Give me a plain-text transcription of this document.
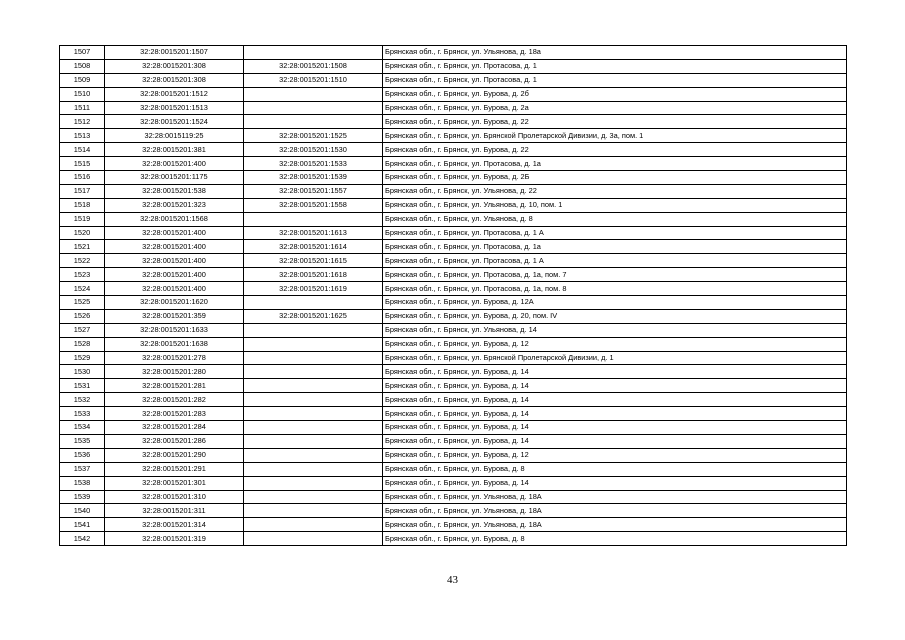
1507	32:28:0015201:1507		Брянская обл., г. Брянск, ул. Ульянова, д. 18а
1508	32:28:0015201:308	32:28:0015201:1508	Брянская обл., г. Брянск, ул. Протасова, д. 1
1509	32:28:0015201:308	32:28:0015201:1510	Брянская обл., г. Брянск, ул. Протасова, д. 1
1510	32:28:0015201:1512		Брянская обл., г. Брянск, ул. Бурова, д. 2б
1511	32:28:0015201:1513		Брянская обл., г. Брянск, ул. Бурова, д. 2а
1512	32:28:0015201:1524		Брянская обл., г. Брянск, ул. Бурова, д. 22
1513	32:28:0015119:25	32:28:0015201:1525	Брянская обл., г. Брянск, ул. Брянской Пролетарской Дивизии, д. 3а, пом. 1
1514	32:28:0015201:381	32:28:0015201:1530	Брянская обл., г. Брянск, ул. Бурова, д. 22
1515	32:28:0015201:400	32:28:0015201:1533	Брянская обл., г. Брянск, ул. Протасова, д. 1а
1516	32:28:0015201:1175	32:28:0015201:1539	Брянская обл., г. Брянск, ул. Бурова, д. 2Б
1517	32:28:0015201:538	32:28:0015201:1557	Брянская обл., г. Брянск, ул. Ульянова, д. 22
1518	32:28:0015201:323	32:28:0015201:1558	Брянская обл., г. Брянск, ул. Ульянова, д. 10, пом. 1
1519	32:28:0015201:1568		Брянская обл., г. Брянск, ул. Ульянова, д. 8
1520	32:28:0015201:400	32:28:0015201:1613	Брянская обл., г. Брянск, ул. Протасова, д. 1 А
1521	32:28:0015201:400	32:28:0015201:1614	Брянская обл., г. Брянск, ул. Протасова, д. 1а
1522	32:28:0015201:400	32:28:0015201:1615	Брянская обл., г. Брянск, ул. Протасова, д. 1 А
1523	32:28:0015201:400	32:28:0015201:1618	Брянская обл., г. Брянск, ул. Протасова, д. 1а, пом. 7
1524	32:28:0015201:400	32:28:0015201:1619	Брянская обл., г. Брянск, ул. Протасова, д. 1а, пом. 8
1525	32:28:0015201:1620		Брянская обл., г. Брянск, ул. Бурова, д. 12А
1526	32:28:0015201:359	32:28:0015201:1625	Брянская обл., г. Брянск, ул. Бурова, д. 20, пом. IV
1527	32:28:0015201:1633		Брянская обл., г. Брянск, ул. Ульянова, д. 14
1528	32:28:0015201:1638		Брянская обл., г. Брянск, ул. Бурова, д. 12
1529	32:28:0015201:278		Брянская обл., г. Брянск, ул. Брянской Пролетарской Дивизии, д. 1
1530	32:28:0015201:280		Брянская обл., г. Брянск, ул. Бурова, д. 14
1531	32:28:0015201:281		Брянская обл., г. Брянск, ул. Бурова, д. 14
1532	32:28:0015201:282		Брянская обл., г. Брянск, ул. Бурова, д. 14
1533	32:28:0015201:283		Брянская обл., г. Брянск, ул. Бурова, д. 14
1534	32:28:0015201:284		Брянская обл., г. Брянск, ул. Бурова, д. 14
1535	32:28:0015201:286		Брянская обл., г. Брянск, ул. Бурова, д. 14
1536	32:28:0015201:290		Брянская обл., г. Брянск, ул. Бурова, д. 12
1537	32:28:0015201:291		Брянская обл., г. Брянск, ул. Бурова, д. 8
1538	32:28:0015201:301		Брянская обл., г. Брянск, ул. Бурова, д. 14
1539	32:28:0015201:310		Брянская обл., г. Брянск, ул. Ульянова, д. 18А
1540	32:28:0015201:311		Брянская обл., г. Брянск, ул. Ульянова, д. 18А
1541	32:28:0015201:314		Брянская обл., г. Брянск, ул. Ульянова, д. 18А
1542	32:28:0015201:319		Брянская обл., г. Брянск, ул. Бурова, д. 8
43
